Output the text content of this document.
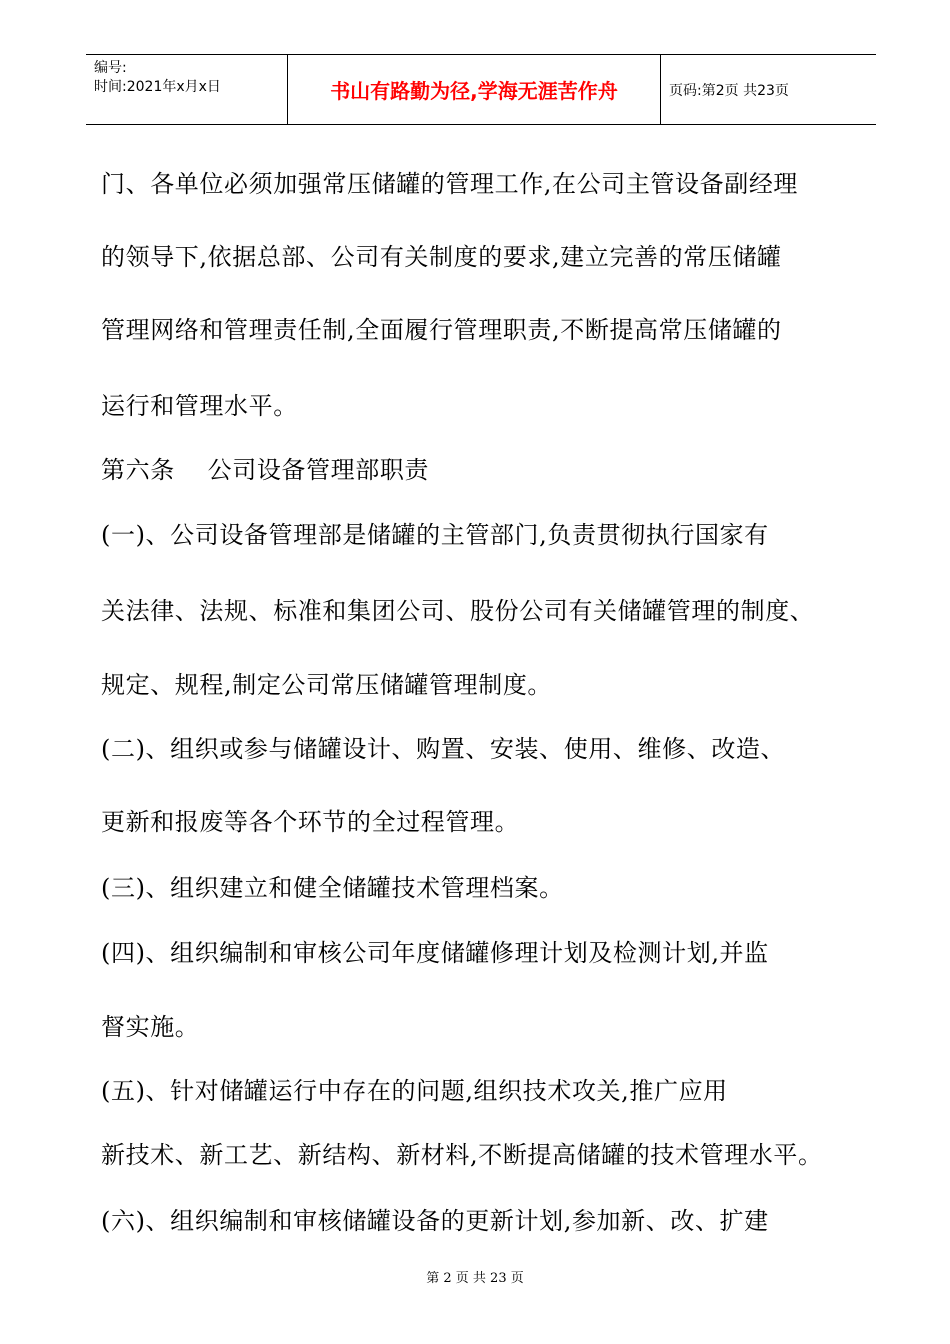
编号:
时间:2021年x月x日	书山有路勤为径,学海无涯苦作舟	页码:第2页 共23页
门、各单位必须加强常压储罐的管理工作,在公司主管设备副经理
的领导下,依据总部、公司有关制度的要求,建立完善的常压储罐
管理网络和管理责任制,全面履行管理职责,不断提高常压储罐的
运行和管理水平。
第六条　 公司设备管理部职责
(一)、公司设备管理部是储罐的主管部门,负责贯彻执行国家有
关法律、法规、标准和集团公司、股份公司有关储罐管理的制度、
规定、规程,制定公司常压储罐管理制度。
(二)、组织或参与储罐设计、购置、安装、使用、维修、改造、
更新和报废等各个环节的全过程管理。
(三)、组织建立和健全储罐技术管理档案。
(四)、组织编制和审核公司年度储罐修理计划及检测计划,并监
督实施。
(五)、针对储罐运行中存在的问题,组织技术攻关,推广应用
新技术、新工艺、新结构、新材料,不断提高储罐的技术管理水平。
(六)、组织编制和审核储罐设备的更新计划,参加新、改、扩建
第 2 页 共 23 页
